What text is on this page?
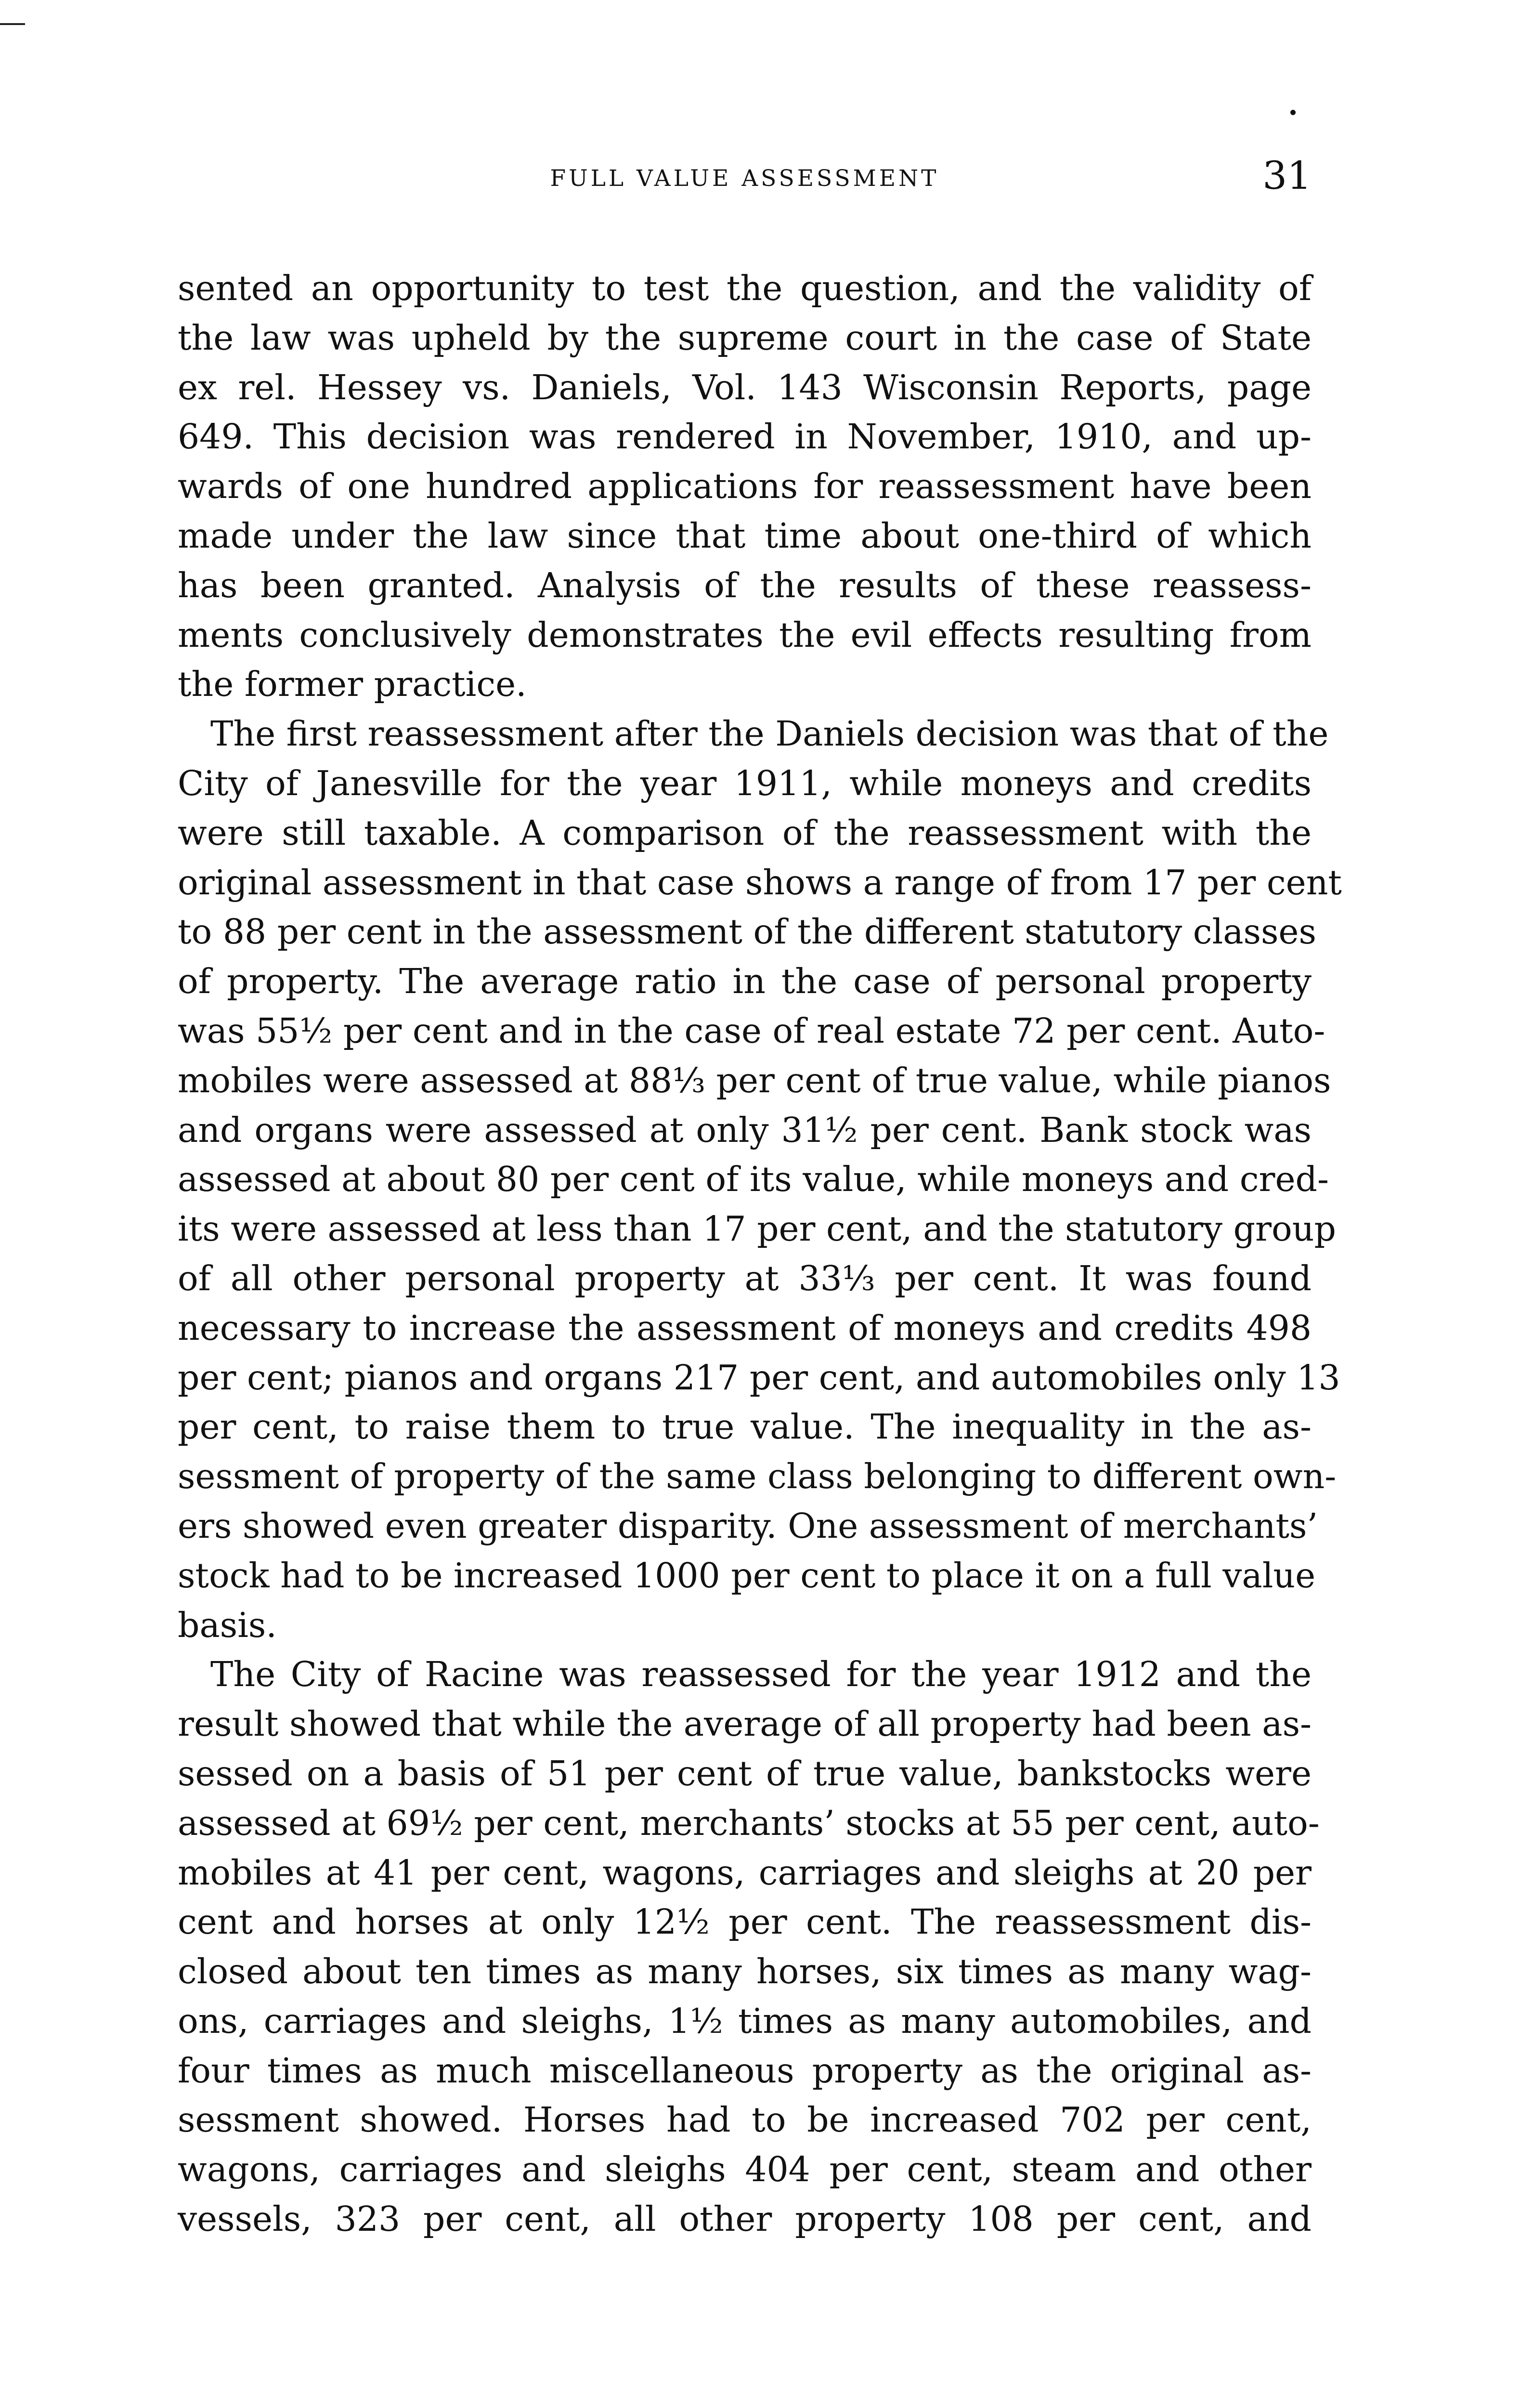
FULL VALUE ASSESSMENT	31
sented an opportunity to test the question, and the validity of
the law was upheld by the supreme court in the case of State
ex rel. Hessey vs. Daniels, Vol. 143 Wisconsin Reports, page
649. This decision was rendered in November, 1910, and up-
wards of one hundred applications for reassessment have been
made under the law since that time about one-third of which
has been granted. Analysis of the results of these reassess-
ments conclusively demonstrates the evil effects resulting from
the former practice.
The first reassessment after the Daniels decision was that of the
City of Janesville for the year 1911, while moneys and credits
were still taxable. A comparison of the reassessment with the
original assessment in that case shows a range of from 17 per cent
to 88 per cent in the assessment of the different statutory classes
of property. The average ratio in the case of personal property
was 55½ per cent and in the case of real estate 72 per cent. Auto-
mobiles were assessed at 88⅓ per cent of true value, while pianos
and organs were assessed at only 31½ per cent. Bank stock was
assessed at about 80 per cent of its value, while moneys and cred-
its were assessed at less than 17 per cent, and the statutory group
of all other personal property at 33⅓ per cent. It was found
necessary to increase the assessment of moneys and credits 498
per cent; pianos and organs 217 per cent, and automobiles only 13
per cent, to raise them to true value. The inequality in the as-
sessment of property of the same class belonging to different own-
ers showed even greater disparity. One assessment of merchants’
stock had to be increased 1000 per cent to place it on a full value
basis.
The City of Racine was reassessed for the year 1912 and the
result showed that while the average of all property had been as-
sessed on a basis of 51 per cent of true value, bankstocks were
assessed at 69½ per cent, merchants’ stocks at 55 per cent, auto-
mobiles at 41 per cent, wagons, carriages and sleighs at 20 per
cent and horses at only 12½ per cent. The reassessment dis-
closed about ten times as many horses, six times as many wag-
ons, carriages and sleighs, 1½ times as many automobiles, and
four times as much miscellaneous property as the original as-
sessment showed. Horses had to be increased 702 per cent,
wagons, carriages and sleighs 404 per cent, steam and other
vessels, 323 per cent, all other property 108 per cent, and
